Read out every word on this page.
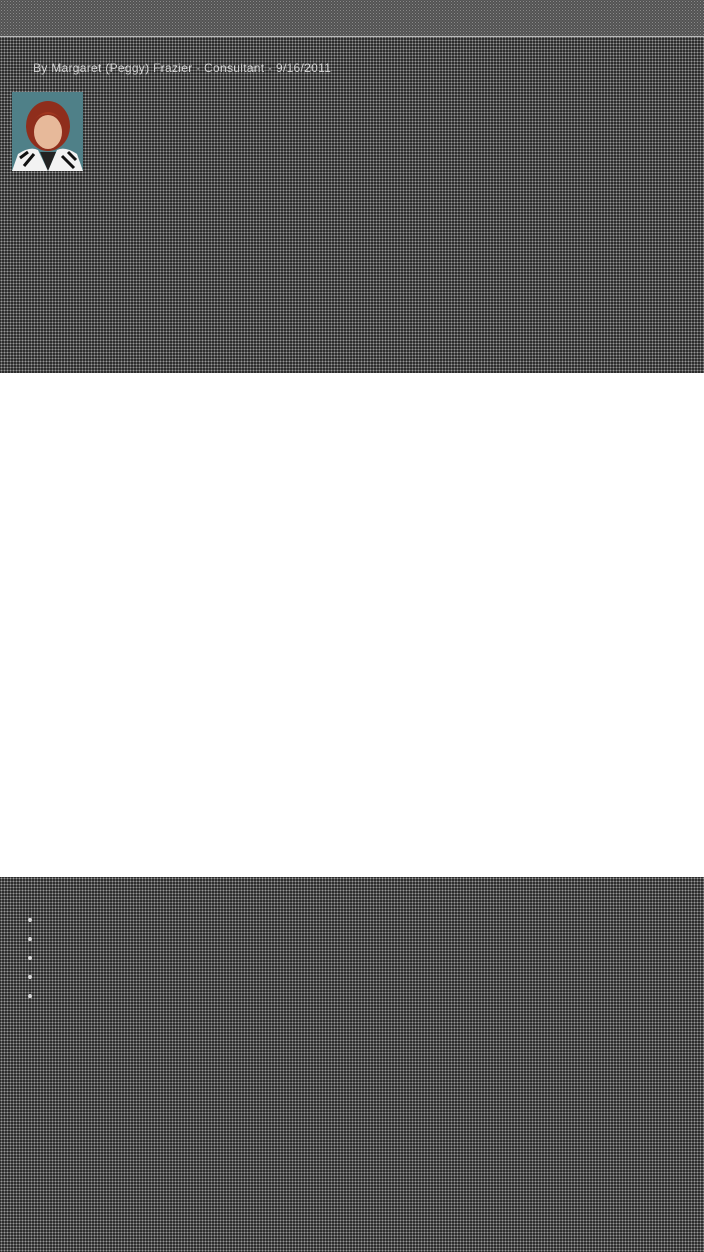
By Margaret (Peggy) Frazier · Consultant · 9/16/2011

•
•
•
•
•
